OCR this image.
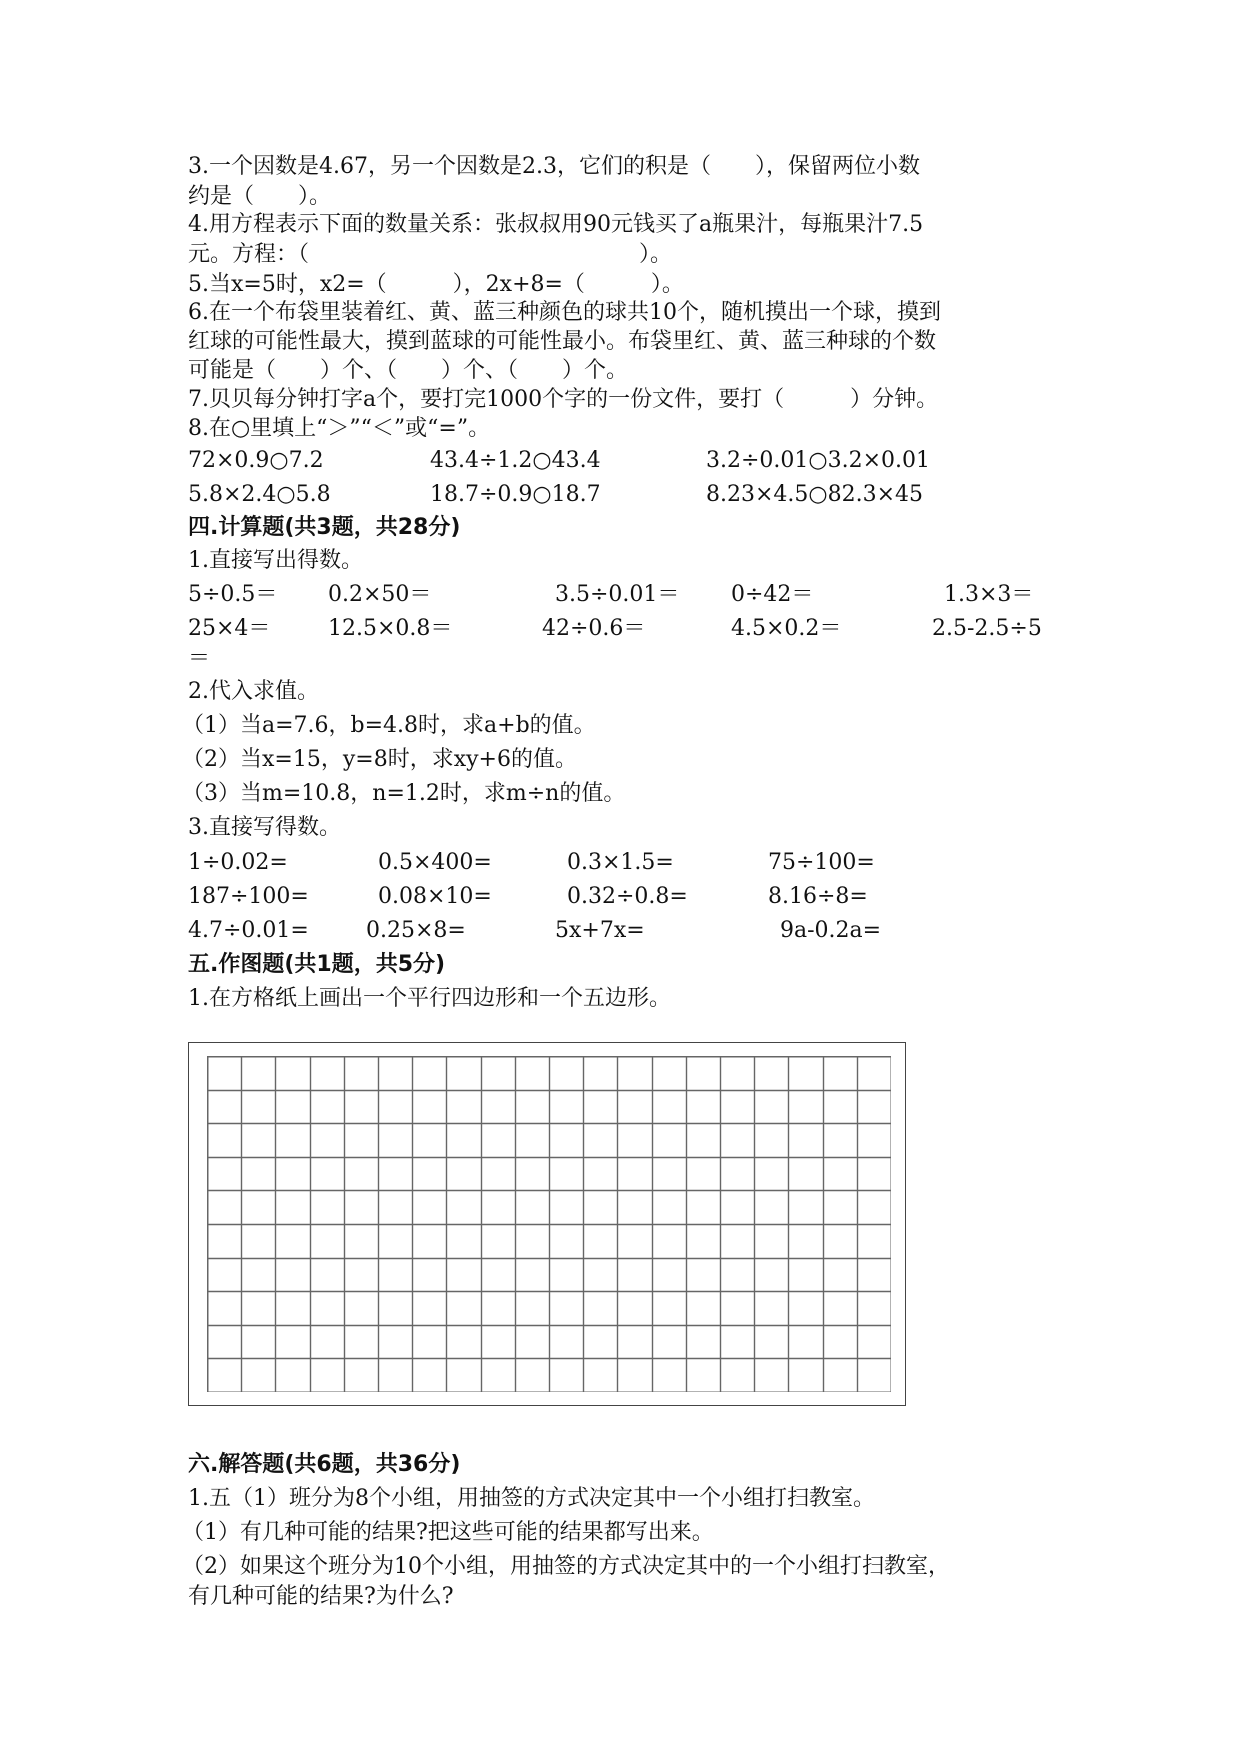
3.一个因数是4.67，另一个因数是2.3，它们的积是（　　），保留两位小数
约是（　　）。
4.用方程表示下面的数量关系：张叔叔用90元钱买了a瓶果汁，每瓶果汁7.5
元。方程：（　　　　　　　　　　　　　　　）。
5.当x=5时，x2=（　　　），2x+8=（　　　）。
6.在一个布袋里装着红、黄、蓝三种颜色的球共10个，随机摸出一个球，摸到
红球的可能性最大，摸到蓝球的可能性最小。布袋里红、黄、蓝三种球的个数
可能是（　　）个、（　　）个、（　　）个。
7.贝贝每分钟打字a个，要打完1000个字的一份文件，要打（　　　）分钟。
8.在○里填上“＞”“＜”或“=”。
72×0.9○7.2	43.4÷1.2○43.4	3.2÷0.01○3.2×0.01
5.8×2.4○5.8	18.7÷0.9○18.7	8.23×4.5○82.3×45
四.计算题(共3题，共28分)
1.直接写出得数。
5÷0.5＝ 0.2×50＝	3.5÷0.01＝ 0÷42＝	1.3×3＝
25×4＝	12.5×0.8＝	42÷0.6＝	4.5×0.2＝	2.5-2.5÷5
＝
2.代入求值。
（1）当a=7.6，b=4.8时，求a+b的值。
（2）当x=15，y=8时，求xy+6的值。
（3）当m=10.8，n=1.2时，求m÷n的值。
3.直接写得数。
1÷0.02=	0.5×400=	0.3×1.5=	75÷100=
187÷100=	0.08×10=	0.32÷0.8=	8.16÷8=
4.7÷0.01=	0.25×8=	5x+7x=	9a-0.2a=
五.作图题(共1题，共5分)
1.在方格纸上画出一个平行四边形和一个五边形。
六.解答题(共6题，共36分)
1.五（1）班分为8个小组，用抽签的方式决定其中一个小组打扫教室。
（1）有几种可能的结果?把这些可能的结果都写出来。
（2）如果这个班分为10个小组，用抽签的方式决定其中的一个小组打扫教室，
有几种可能的结果?为什么?
